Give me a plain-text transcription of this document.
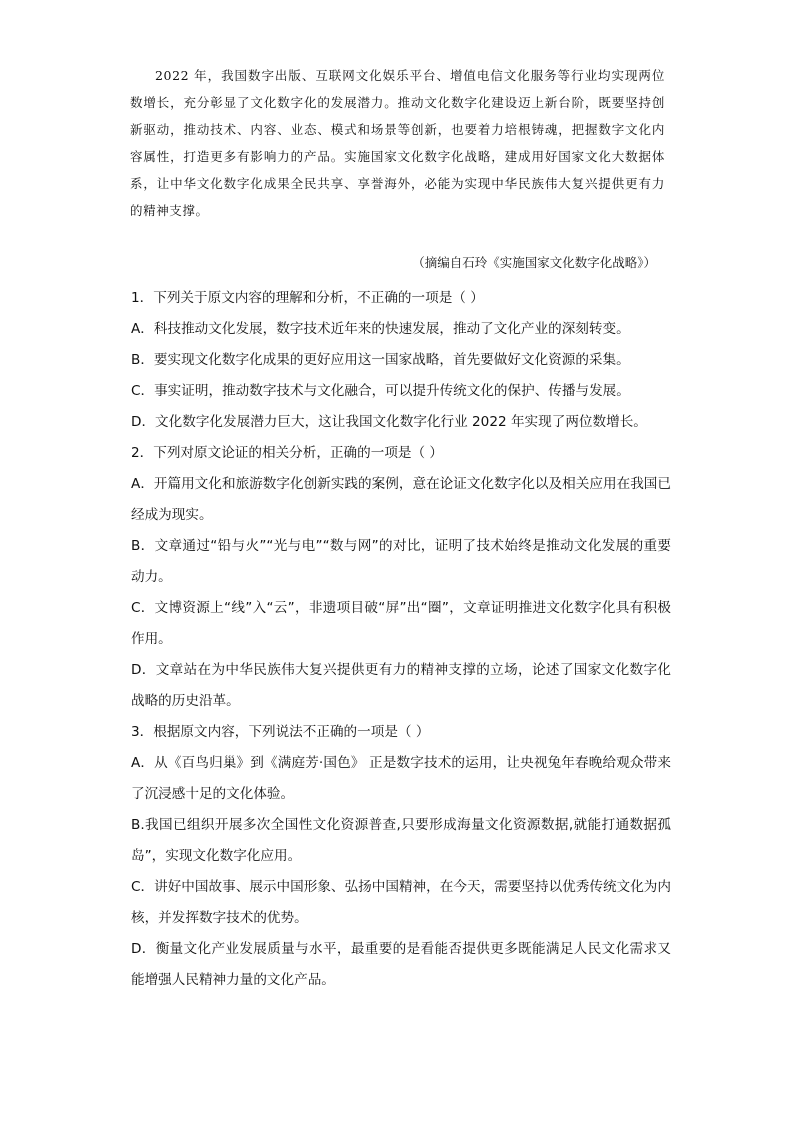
2022 年，我国数字出版、互联网文化娱乐平台、增值电信文化服务等行业均实现两位数增长，充分彰显了文化数字化的发展潜力。推动文化数字化建设迈上新台阶，既要坚持创新驱动，推动技术、内容、业态、模式和场景等创新，也要着力培根铸魂，把握数字文化内容属性，打造更多有影响力的产品。实施国家文化数字化战略，建成用好国家文化大数据体系，让中华文化数字化成果全民共享、享誉海外，必能为实现中华民族伟大复兴提供更有力的精神支撑。

（摘编自石玲《实施国家文化数字化战略》）

1．下列关于原文内容的理解和分析，不正确的一项是（ ）

A．科技推动文化发展，数字技术近年来的快速发展，推动了文化产业的深刻转变。

B．要实现文化数字化成果的更好应用这一国家战略，首先要做好文化资源的采集。

C．事实证明，推动数字技术与文化融合，可以提升传统文化的保护、传播与发展。

D．文化数字化发展潜力巨大，这让我国文化数字化行业 2022 年实现了两位数增长。

2．下列对原文论证的相关分析，正确的一项是（ ）

A．开篇用文化和旅游数字化创新实践的案例，意在论证文化数字化以及相关应用在我国已经成为现实。

B．文章通过“铅与火”“光与电”“数与网”的对比，证明了技术始终是推动文化发展的重要动力。

C．文博资源上“线”入“云”，非遗项目破“屏”出“圈”，文章证明推进文化数字化具有积极作用。

D．文章站在为中华民族伟大复兴提供更有力的精神支撑的立场，论述了国家文化数字化战略的历史沿革。

3．根据原文内容，下列说法不正确的一项是（ ）

A．从《百鸟归巢》到《满庭芳·国色》 正是数字技术的运用，让央视兔年春晚给观众带来了沉浸感十足的文化体验。

B.我国已组织开展多次全国性文化资源普查,只要形成海量文化资源数据,就能打通数据孤岛”，实现文化数字化应用。

C．讲好中国故事、展示中国形象、弘扬中国精神，在今天，需要坚持以优秀传统文化为内核，并发挥数字技术的优势。

D．衡量文化产业发展质量与水平，最重要的是看能否提供更多既能满足人民文化需求又能增强人民精神力量的文化产品。
